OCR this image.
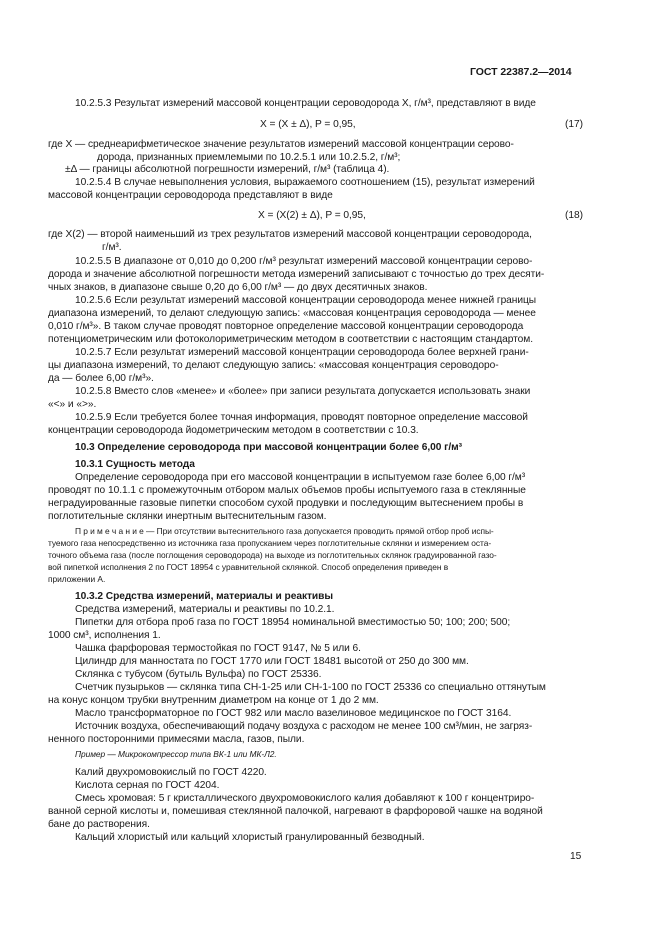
ГОСТ 22387.2—2014
10.2.5.3 Результат измерений массовой концентрации сероводорода X, г/м³, представляют в виде
X = (X ± Δ), P = 0,95,	(17)
где X — среднеарифметическое значение результатов измерений массовой концентрации серово-
дорода, признанных приемлемыми по 10.2.5.1 или 10.2.5.2, г/м³;
±Δ — границы абсолютной погрешности измерений, г/м³ (таблица 4).
10.2.5.4 В случае невыполнения условия, выражаемого соотношением (15), результат измерений
массовой концентрации сероводорода представляют в виде
X = (X(2) ± Δ), P = 0,95,	(18)
где X(2) — второй наименьший из трех результатов измерений массовой концентрации сероводорода,
г/м³.
10.2.5.5 В диапазоне от 0,010 до 0,200 г/м³ результат измерений массовой концентрации серово-
дорода и значение абсолютной погрешности метода измерений записывают с точностью до трех десяти-
чных знаков, в диапазоне свыше 0,20 до 6,00 г/м³ — до двух десятичных знаков.
10.2.5.6 Если результат измерений массовой концентрации сероводорода менее нижней границы
диапазона измерений, то делают следующую запись: «массовая концентрация сероводорода — менее
0,010 г/м³». В таком случае проводят повторное определение массовой концентрации сероводорода
потенциометрическим или фотоколориметрическим методом в соответствии с настоящим стандартом.
10.2.5.7 Если результат измерений массовой концентрации сероводорода более верхней грани-
цы диапазона измерений, то делают следующую запись: «массовая концентрация сероводоро-
да — более 6,00 г/м³».
10.2.5.8 Вместо слов «менее» и «более» при записи результата допускается использовать знаки
«<» и «>».
10.2.5.9 Если требуется более точная информация, проводят повторное определение массовой
концентрации сероводорода йодометрическим методом в соответствии с 10.3.
10.3 Определение сероводорода при массовой концентрации более 6,00 г/м³
10.3.1 Сущность метода
Определение сероводорода при его массовой концентрации в испытуемом газе более 6,00 г/м³
проводят по 10.1.1 с промежуточным отбором малых объемов пробы испытуемого газа в стеклянные
неградуированные газовые пипетки способом сухой продувки и последующим вытеснением пробы в
поглотительные склянки инертным вытеснительным газом.
П р и м е ч а н и е — При отсутствии вытеснительного газа допускается проводить прямой отбор проб испы-
туемого газа непосредственно из источника газа пропусканием через поглотительные склянки и измерением оста-
точного объема газа (после поглощения сероводорода) на выходе из поглотительных склянок градуированной газо-
вой пипеткой исполнения 2 по ГОСТ 18954 с уравнительной склянкой. Способ определения приведен в
приложении А.
10.3.2 Средства измерений, материалы и реактивы
Средства измерений, материалы и реактивы по 10.2.1.
Пипетки для отбора проб газа по ГОСТ 18954 номинальной вместимостью 50; 100; 200; 500;
1000 см³, исполнения 1.
Чашка фарфоровая термостойкая по ГОСТ 9147, № 5 или 6.
Цилиндр для манностата по ГОСТ 1770 или ГОСТ 18481 высотой от 250 до 300 мм.
Склянка с тубусом (бутыль Вульфа) по ГОСТ 25336.
Счетчик пузырьков — склянка типа СН-1-25 или СН-1-100 по ГОСТ 25336 со специально оттянутым
на конус концом трубки внутренним диаметром на конце от 1 до 2 мм.
Масло трансформаторное по ГОСТ 982 или масло вазелиновое медицинское по ГОСТ 3164.
Источник воздуха, обеспечивающий подачу воздуха с расходом не менее 100 см³/мин, не загряз-
ненного посторонними примесями масла, газов, пыли.
Пример — Микрокомпрессор типа ВК-1 или МК-Л2.
Калий двухромовокислый по ГОСТ 4220.
Кислота серная по ГОСТ 4204.
Смесь хромовая: 5 г кристаллического двухромовокислого калия добавляют к 100 г концентриро-
ванной серной кислоты и, помешивая стеклянной палочкой, нагревают в фарфоровой чашке на водяной
бане до растворения.
Кальций хлористый или кальций хлористый гранулированный безводный.
15
